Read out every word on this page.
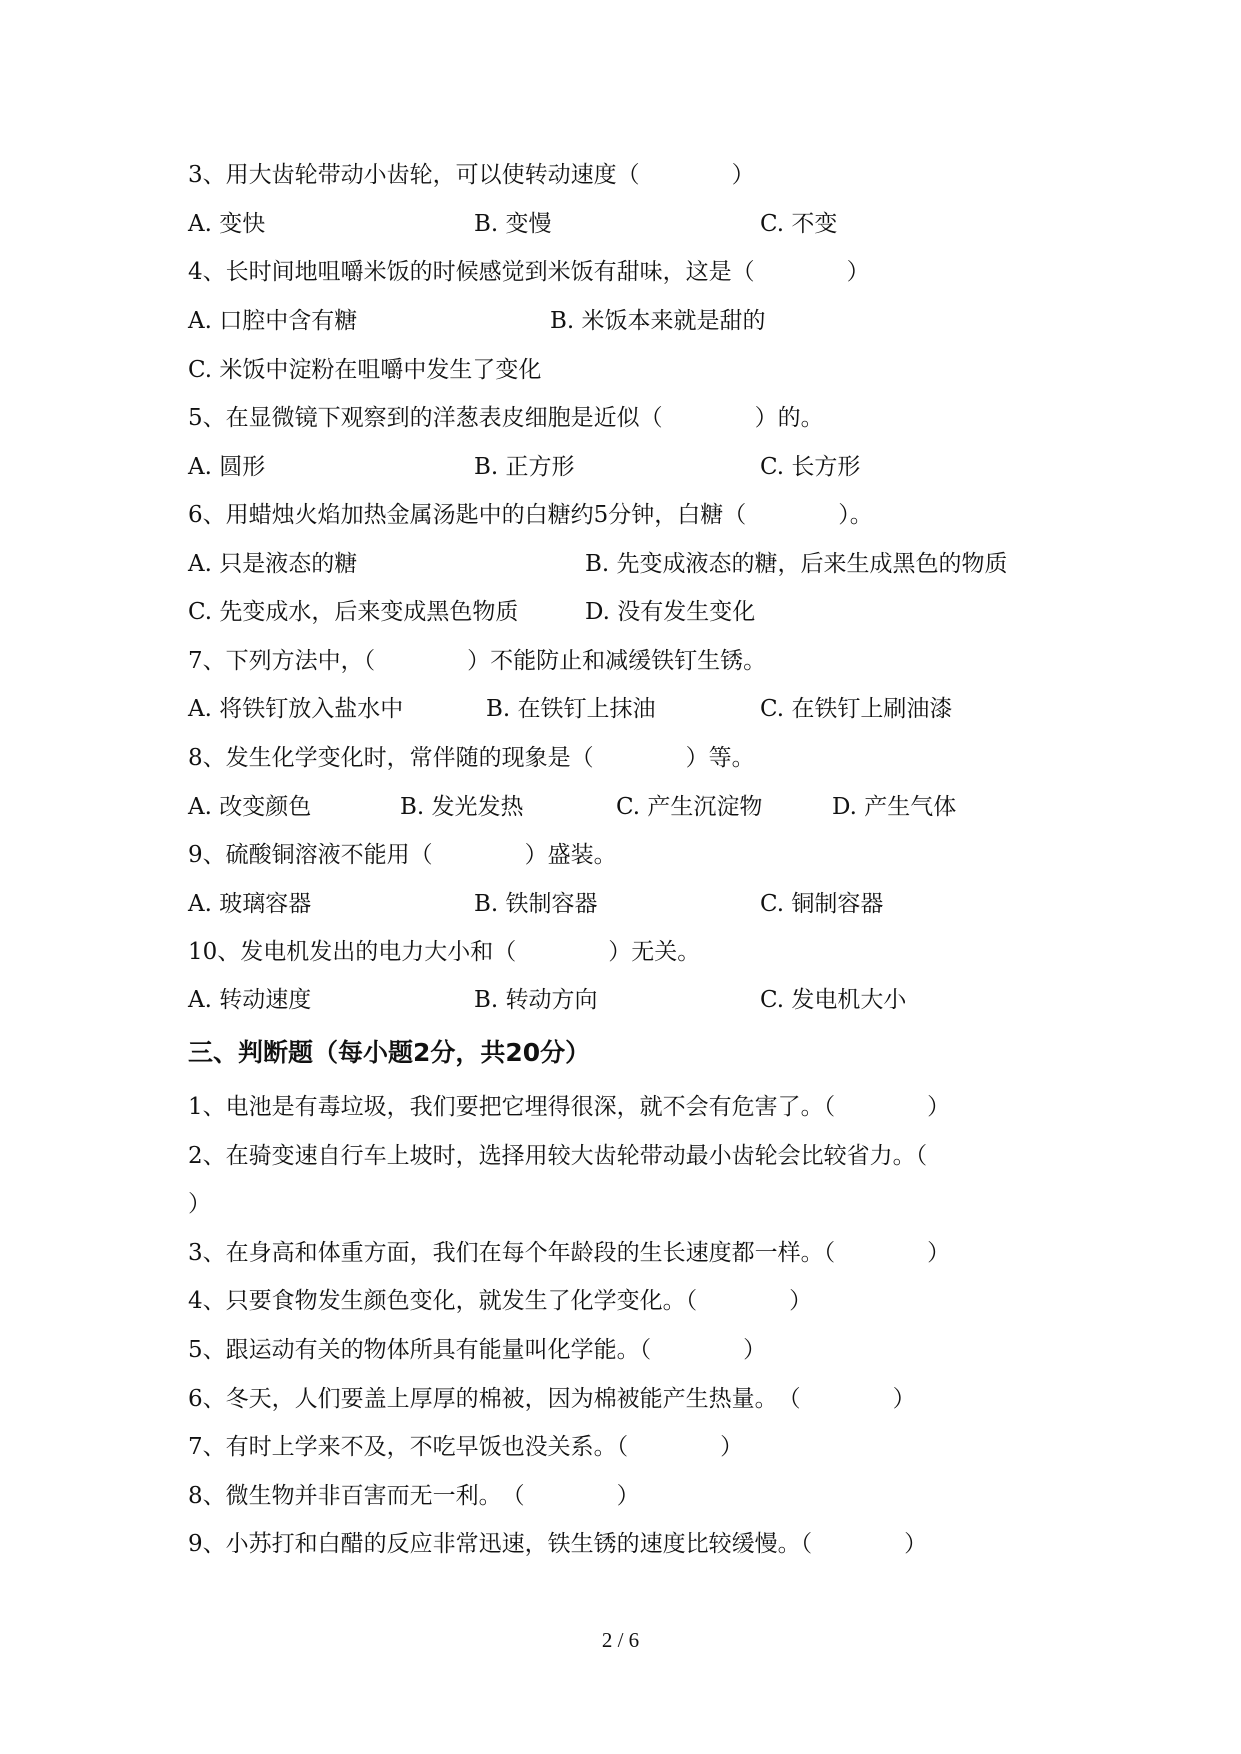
3、用大齿轮带动小齿轮，可以使转动速度（　　　　）
A. 变快	B. 变慢	C. 不变
4、长时间地咀嚼米饭的时候感觉到米饭有甜味，这是（　　　　）
A. 口腔中含有糖	B. 米饭本来就是甜的
C. 米饭中淀粉在咀嚼中发生了变化
5、在显微镜下观察到的洋葱表皮细胞是近似（　　　　）的。
A. 圆形	B. 正方形	C. 长方形
6、用蜡烛火焰加热金属汤匙中的白糖约5分钟，白糖（　　　　）。
A. 只是液态的糖	B. 先变成液态的糖，后来生成黑色的物质
C. 先变成水，后来变成黑色物质	D. 没有发生变化
7、下列方法中，（　　　　）不能防止和减缓铁钉生锈。
A. 将铁钉放入盐水中	B. 在铁钉上抹油	C. 在铁钉上刷油漆
8、发生化学变化时，常伴随的现象是（　　　　）等。
A. 改变颜色	B. 发光发热	C. 产生沉淀物	D. 产生气体
9、硫酸铜溶液不能用（　　　　）盛装。
A. 玻璃容器	B. 铁制容器	C. 铜制容器
10、发电机发出的电力大小和（　　　　）无关。
A. 转动速度	B. 转动方向	C. 发电机大小
三、判断题（每小题2分，共20分）
1、电池是有毒垃圾，我们要把它埋得很深，就不会有危害了。（　　　　）
2、在骑变速自行车上坡时，选择用较大齿轮带动最小齿轮会比较省力。（
）
3、在身高和体重方面，我们在每个年龄段的生长速度都一样。（　　　　）
4、只要食物发生颜色变化，就发生了化学变化。（　　　　）
5、跟运动有关的物体所具有能量叫化学能。（　　　　）
6、冬天，人们要盖上厚厚的棉被，因为棉被能产生热量。　（　　　　）
7、有时上学来不及，不吃早饭也没关系。（　　　　）
8、微生物并非百害而无一利。　（　　　　）
9、小苏打和白醋的反应非常迅速，铁生锈的速度比较缓慢。（　　　　）
2 / 6
